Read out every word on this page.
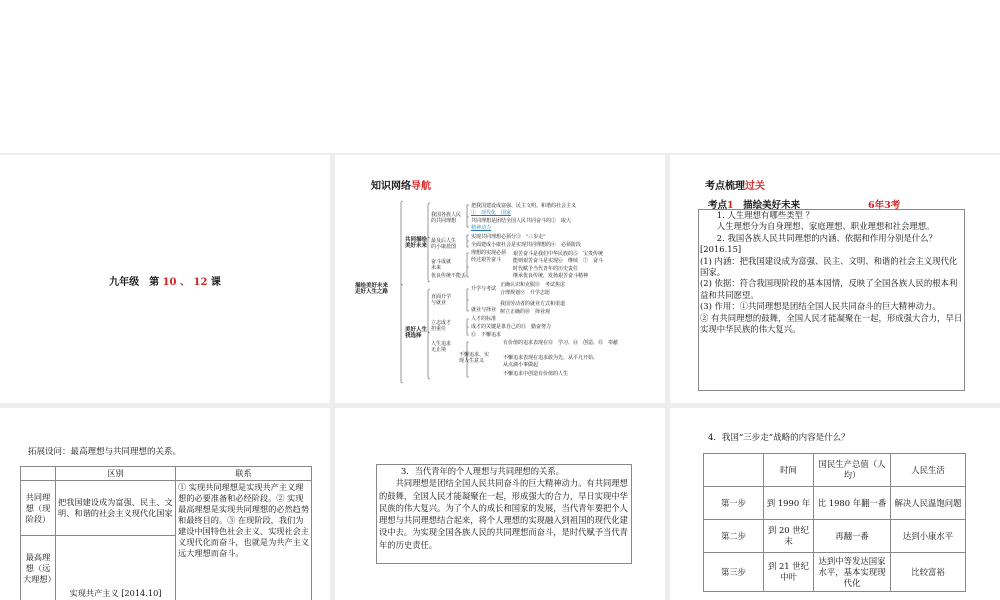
九年级　第 10 、 12 课
知识网络导航
描绘美好未来
走好人生之路
共同描绘
美好未来
美好人生
我选择
我国各族人民
的共同理想
最及后人生
的小康蓝图
奋斗成就
未来
优良传统不能丢
直面升学
与就业
立志成才
担重任
人生追求
无止境
把我国建设成富强、民主文明、和谐的社会主义
①　现代化　国家
共同理想是团结全国人民共同奋斗的②　取大
精神动力
实现共同理想必须分③　"三步走"
全面建成小康社会是实现共同理想的④　必须阶段
理想的实现必须
经过艰苦奋斗
艰苦奋斗是我们中华民族的⑤　宝贵传统
能则艰苦奋斗是实现⑥　继续　⑦　奋斗
时代赋予当代青年的历史责任
继承优良传统，发扬艰苦奋斗精神
升学与考试
正确认识和克服⑧　考试焦虑
合理规划⑨　升学志愿
就业与择业
我国劳动者的就业方式和渠道
树立正确的⑩　择业观
人才的标准
成才的关键是靠自己的⑪　勤奋努力
⑫　不懈追求
有价值的追求表现在⑬　学习、⑭　创造、⑮　奉献
不懈追求表现在追求敢为先、从平凡开始、
从点滴小事做起
不懈追求中创造有价值的人生
不懈追求、实
现人生意义
考点梳理过关
考点1　 描绘美好未来	6年3考

1. 人生理想有哪些类型 ？

人生理想分为自身理想、家庭理想、职业理想和社会理想。

2. 我国各族人民共同理想的内涵、依据和作用分别是什么？ [2016.15]

(1) 内涵：把我国建设成为富强、民主、文明、和谐的社会主义现代化国家。

(2) 依据：符合我国现阶段的基本国情，反映了全国各族人民的根本利益和共同愿望。

(3) 作用：①共同理想是团结全国人民共同奋斗的巨大精神动力。

② 有共同理想的鼓舞，全国人民才能凝聚在一起，形成强大合力，早日实现中华民族的伟大复兴。

拓展设问：最高理想与共同理想的关系。
	区别	联系
共同理想（现阶段）	把我国建设成为富强、民主、文明、和谐的社会主义现代化国家	① 实现共同理想是实现共产主义理想的必要准备和必经阶段。② 实现最高理想是实现共同理想的必然趋势和最终目的。③ 在现阶段，我们为建设中国特色社会主义、实现社会主义现代化而奋斗，也就是为共产主义远大理想而奋斗。
最高理想（远大理想）	实现共产主义 [2014.10]	

3．当代青年的个人理想与共同理想的关系。

共同理想是团结全国人民共同奋斗的巨大精神动力。有共同理想的鼓舞，全国人民才能凝聚在一起，形成强大的合力，早日实现中华民族的伟大复兴。为了个人的成长和国家的发展，当代青年要把个人理想与共同理想结合起来，将个人理想的实现融入到祖国的现代化建设中去。为实现全国各族人民的共同理想而奋斗，是时代赋予当代青年的历史责任。

4．我国“三步走”战略的内容是什么？
	时间	国民生产总值（人均）	人民生活
第一步	到 1990 年	比 1980 年翻一番	解决人民温饱问题
第二步	到 20 世纪末	再翻一番	达到小康水平
第三步	到 21 世纪中叶	达到中等发达国家水平，基本实现现代化	比较富裕
